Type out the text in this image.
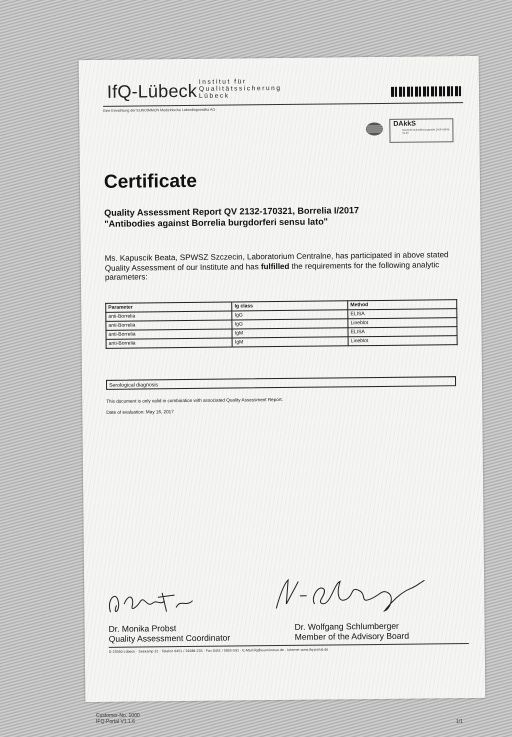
IfQ-Lübeck Institut für
Qualitätssicherung
Lübeck
Eine Einrichtung der EUROIMMUN Medizinische Labordiagnostika AG
DAkkS
Deutsche Akkreditierungsstelle D-EP-18028-01-00
Certificate
Quality Assessment Report QV 2132-170321, Borrelia I/2017
"Antibodies against Borrelia burgdorferi sensu lato"
Ms. Kapuscik Beata, SPWSZ Szczecin, Laboratorium Centralne, has participated in above stated Quality Assessment of our Institute and has fulfilled the requirements for the following analytic parameters:
Parameter	Ig class	Method
anti-Borrelia	IgG	ELISA
anti-Borrelia	IgG	Lineblot
anti-Borrelia	IgM	ELISA
anti-Borrelia	IgM	Lineblot
Serological diagnosis
This document is only valid in combination with associated Quality Assessment Report.
Date of evaluation: May 16, 2017
Dr. Monika Probst
Quality Assessment Coordinator
Dr. Wolfgang Schlumberger
Member of the Advisory Board
D-23560 Lübeck · Seekamp 31 · Telefon 0451 / 29288-233 · Fax 0451 / 5855-591 · E-Mail ifq@euroimmun.de · Internet www.ifq-portal.de
Customer-No. 1000
IFQ-Portal V1.1.6	1/1
